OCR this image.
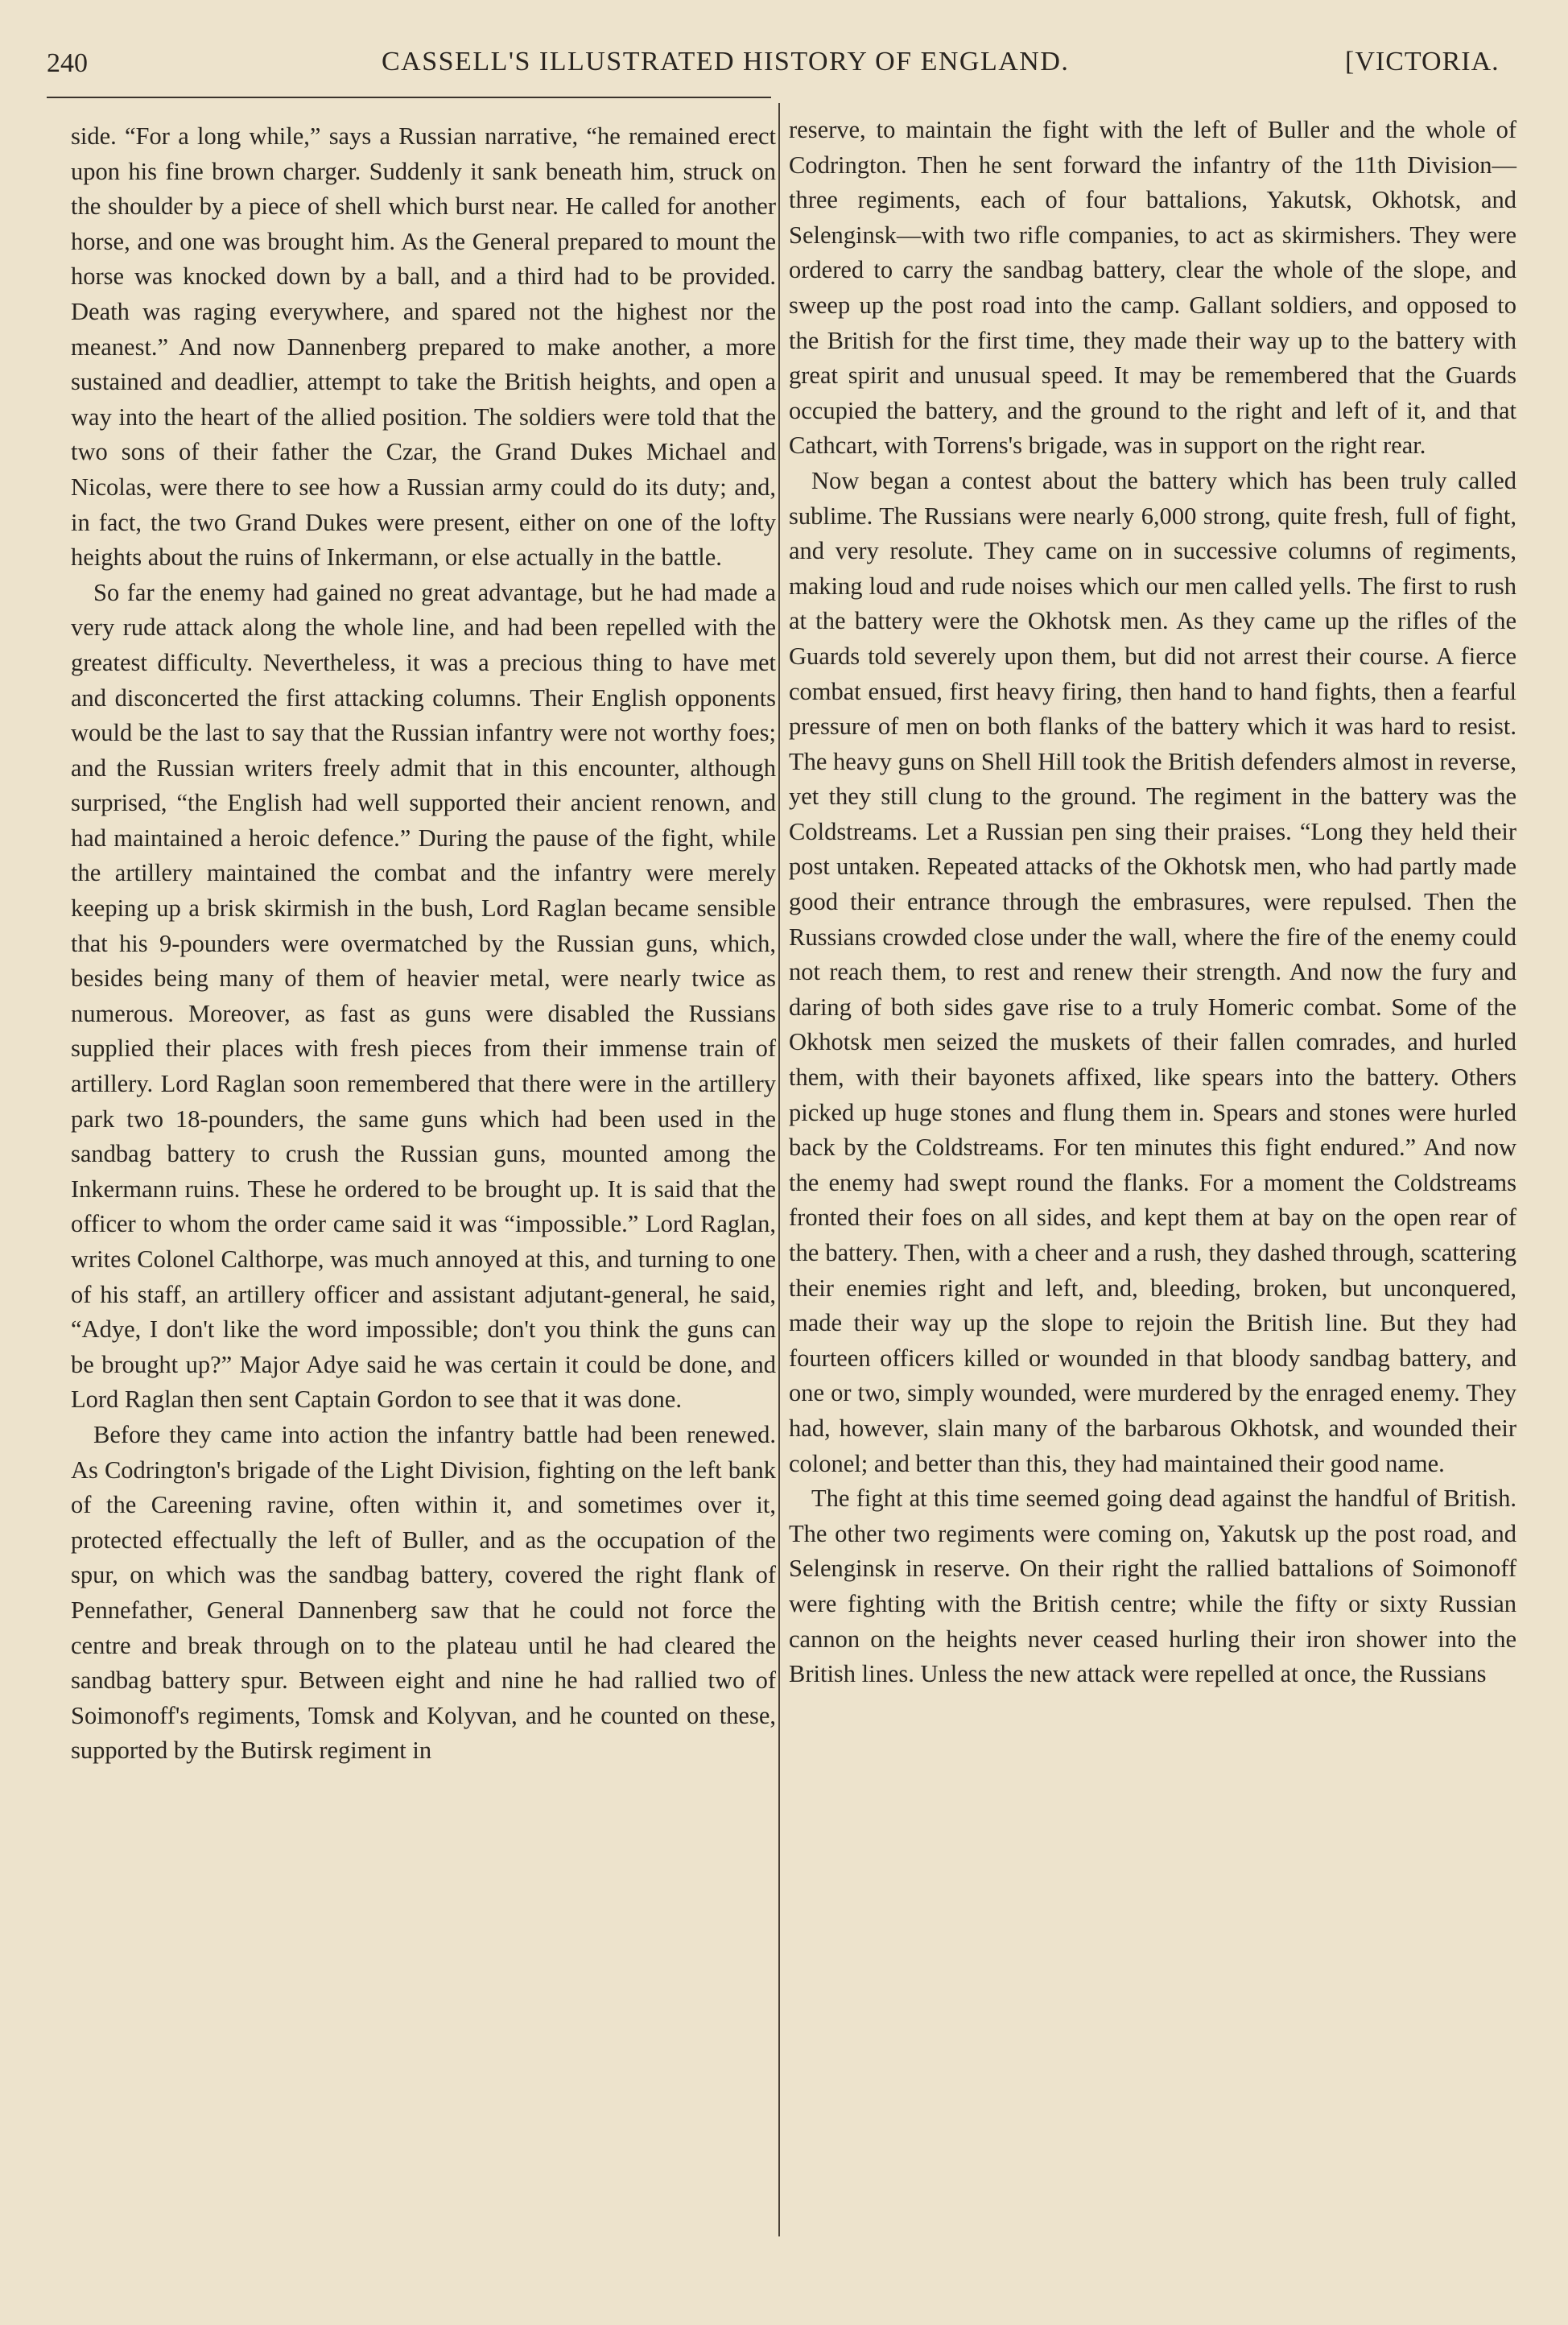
240	CASSELL'S ILLUSTRATED HISTORY OF ENGLAND.	[VICTORIA.

side. “For a long while,” says a Russian narrative, “he remained erect upon his fine brown charger. Suddenly it sank beneath him, struck on the shoulder by a piece of shell which burst near. He called for another horse, and one was brought him. As the General prepared to mount the horse was knocked down by a ball, and a third had to be provided. Death was raging everywhere, and spared not the highest nor the meanest.” And now Dannenberg prepared to make another, a more sustained and deadlier, attempt to take the British heights, and open a way into the heart of the allied position. The soldiers were told that the two sons of their father the Czar, the Grand Dukes Michael and Nicolas, were there to see how a Russian army could do its duty; and, in fact, the two Grand Dukes were present, either on one of the lofty heights about the ruins of Inkermann, or else actually in the battle.

So far the enemy had gained no great advantage, but he had made a very rude attack along the whole line, and had been repelled with the greatest difficulty. Nevertheless, it was a precious thing to have met and disconcerted the first attacking columns. Their English opponents would be the last to say that the Russian infantry were not worthy foes; and the Russian writers freely admit that in this encounter, although surprised, “the English had well supported their ancient renown, and had maintained a heroic defence.” During the pause of the fight, while the artillery maintained the combat and the infantry were merely keeping up a brisk skirmish in the bush, Lord Raglan became sensible that his 9-pounders were overmatched by the Russian guns, which, besides being many of them of heavier metal, were nearly twice as numerous. Moreover, as fast as guns were disabled the Russians supplied their places with fresh pieces from their immense train of artillery. Lord Raglan soon remembered that there were in the artillery park two 18-pounders, the same guns which had been used in the sandbag battery to crush the Russian guns, mounted among the Inkermann ruins. These he ordered to be brought up. It is said that the officer to whom the order came said it was “impossible.” Lord Raglan, writes Colonel Calthorpe, was much annoyed at this, and turning to one of his staff, an artillery officer and assistant adjutant-general, he said, “Adye, I don't like the word impossible; don't you think the guns can be brought up?” Major Adye said he was certain it could be done, and Lord Raglan then sent Captain Gordon to see that it was done.

Before they came into action the infantry battle had been renewed. As Codrington's brigade of the Light Division, fighting on the left bank of the Careening ravine, often within it, and sometimes over it, protected effectually the left of Buller, and as the occupation of the spur, on which was the sandbag battery, covered the right flank of Pennefather, General Dannenberg saw that he could not force the centre and break through on to the plateau until he had cleared the sandbag battery spur. Between eight and nine he had rallied two of Soimonoff's regiments, Tomsk and Kolyvan, and he counted on these, supported by the Butirsk regiment in

reserve, to maintain the fight with the left of Buller and the whole of Codrington. Then he sent forward the infantry of the 11th Division—three regiments, each of four battalions, Yakutsk, Okhotsk, and Selenginsk—with two rifle companies, to act as skirmishers. They were ordered to carry the sandbag battery, clear the whole of the slope, and sweep up the post road into the camp. Gallant soldiers, and opposed to the British for the first time, they made their way up to the battery with great spirit and unusual speed. It may be remembered that the Guards occupied the battery, and the ground to the right and left of it, and that Cathcart, with Torrens's brigade, was in support on the right rear.

Now began a contest about the battery which has been truly called sublime. The Russians were nearly 6,000 strong, quite fresh, full of fight, and very resolute. They came on in successive columns of regiments, making loud and rude noises which our men called yells. The first to rush at the battery were the Okhotsk men. As they came up the rifles of the Guards told severely upon them, but did not arrest their course. A fierce combat ensued, first heavy firing, then hand to hand fights, then a fearful pressure of men on both flanks of the battery which it was hard to resist. The heavy guns on Shell Hill took the British defenders almost in reverse, yet they still clung to the ground. The regiment in the battery was the Coldstreams. Let a Russian pen sing their praises. “Long they held their post untaken. Repeated attacks of the Okhotsk men, who had partly made good their entrance through the embrasures, were repulsed. Then the Russians crowded close under the wall, where the fire of the enemy could not reach them, to rest and renew their strength. And now the fury and daring of both sides gave rise to a truly Homeric combat. Some of the Okhotsk men seized the muskets of their fallen comrades, and hurled them, with their bayonets affixed, like spears into the battery. Others picked up huge stones and flung them in. Spears and stones were hurled back by the Coldstreams. For ten minutes this fight endured.” And now the enemy had swept round the flanks. For a moment the Coldstreams fronted their foes on all sides, and kept them at bay on the open rear of the battery. Then, with a cheer and a rush, they dashed through, scattering their enemies right and left, and, bleeding, broken, but unconquered, made their way up the slope to rejoin the British line. But they had fourteen officers killed or wounded in that bloody sandbag battery, and one or two, simply wounded, were murdered by the enraged enemy. They had, however, slain many of the barbarous Okhotsk, and wounded their colonel; and better than this, they had maintained their good name.

The fight at this time seemed going dead against the handful of British. The other two regiments were coming on, Yakutsk up the post road, and Selenginsk in reserve. On their right the rallied battalions of Soimonoff were fighting with the British centre; while the fifty or sixty Russian cannon on the heights never ceased hurling their iron shower into the British lines. Unless the new attack were repelled at once, the Russians
